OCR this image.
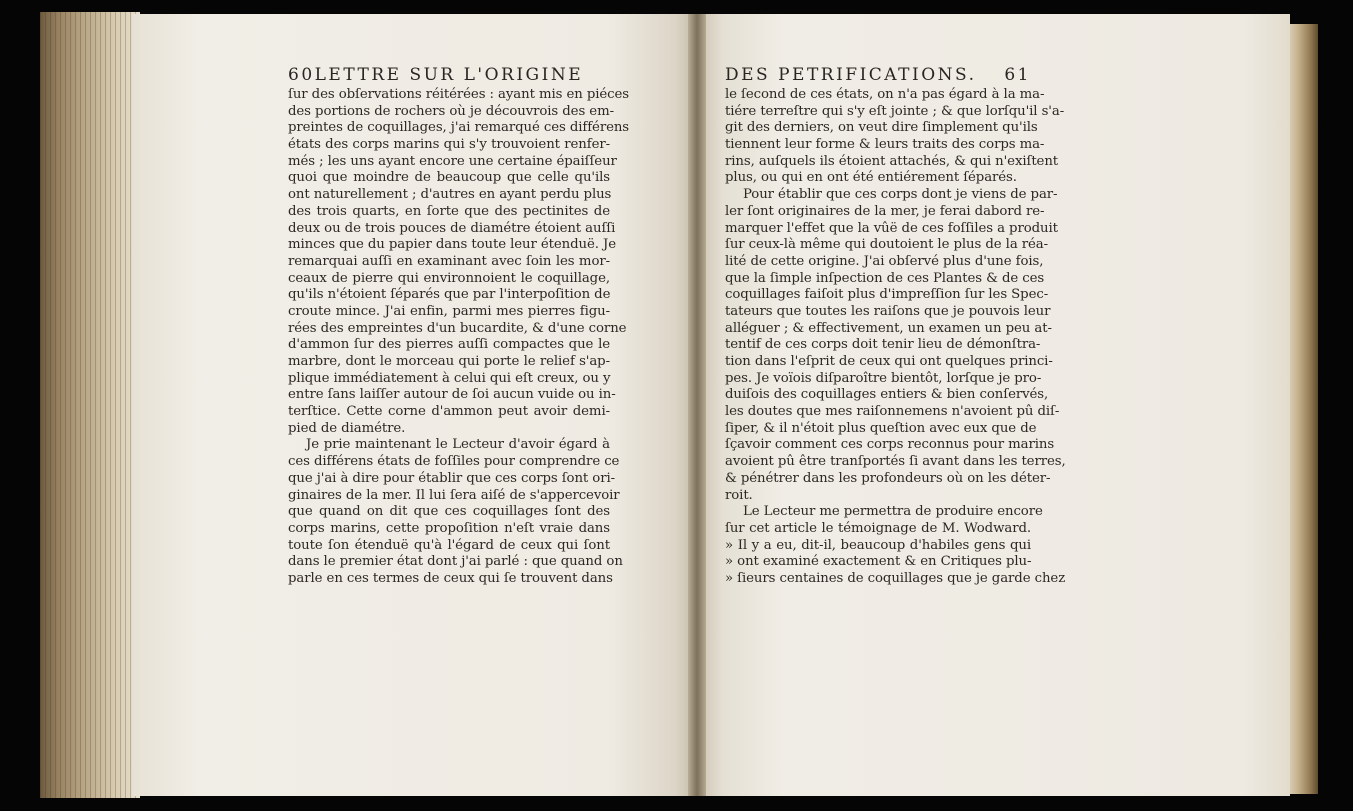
60 LETTRE SUR L'ORIGINE
ſur des obſervations réitérées : ayant mis en piéces
des portions de rochers où je découvrois des em-
preintes de coquillages, j'ai remarqué ces différens
états des corps marins qui s'y trouvoient renfer-
més ; les uns ayant encore une certaine épaiſſeur
quoi que moindre de beaucoup que celle qu'ils
ont naturellement ; d'autres en ayant perdu plus
des trois quarts, en ſorte que des pectinites de
deux ou de trois pouces de diamétre étoient auſſi
minces que du papier dans toute leur étenduë. Je
remarquai auſſi en examinant avec ſoin les mor-
ceaux de pierre qui environnoient le coquillage,
qu'ils n'étoient ſéparés que par l'interpoſition de
croute mince. J'ai enfin, parmi mes pierres figu-
rées des empreintes d'un bucardite, & d'une corne
d'ammon ſur des pierres auſſi compactes que le
marbre, dont le morceau qui porte le relief s'ap-
plique immédiatement à celui qui eſt creux, ou y
entre ſans laiſſer autour de ſoi aucun vuide ou in-
terſtice. Cette corne d'ammon peut avoir demi-
pied de diamétre.
Je prie maintenant le Lecteur d'avoir égard à
ces différens états de foſſiles pour comprendre ce
que j'ai à dire pour établir que ces corps ſont ori-
ginaires de la mer. Il lui ſera aiſé de s'appercevoir
que quand on dit que ces coquillages ſont des
corps marins, cette propoſition n'eſt vraie dans
toute ſon étenduë qu'à l'égard de ceux qui ſont
dans le premier état dont j'ai parlé : que quand on
parle en ces termes de ceux qui ſe trouvent dans
DES PETRIFICATIONS. 61
le ſecond de ces états, on n'a pas égard à la ma-
tiére terreſtre qui s'y eſt jointe ; & que lorſqu'il s'a-
git des derniers, on veut dire ſimplement qu'ils
tiennent leur forme & leurs traits des corps ma-
rins, auſquels ils étoient attachés, & qui n'exiſtent
plus, ou qui en ont été entiérement ſéparés.
Pour établir que ces corps dont je viens de par-
ler ſont originaires de la mer, je ferai dabord re-
marquer l'effet que la vûë de ces foſſiles a produit
ſur ceux-là même qui doutoient le plus de la réa-
lité de cette origine. J'ai obſervé plus d'une fois,
que la ſimple inſpection de ces Plantes & de ces
coquillages faiſoit plus d'impreſſion ſur les Spec-
tateurs que toutes les raiſons que je pouvois leur
alléguer ; & effectivement, un examen un peu at-
tentif de ces corps doit tenir lieu de démonſtra-
tion dans l'eſprit de ceux qui ont quelques princi-
pes. Je voïois diſparoître bientôt, lorſque je pro-
duiſois des coquillages entiers & bien conſervés,
les doutes que mes raiſonnemens n'avoient pû diſ-
ſiper, & il n'étoit plus queſtion avec eux que de
ſçavoir comment ces corps reconnus pour marins
avoient pû être tranſportés ſi avant dans les terres,
& pénétrer dans les profondeurs où on les déter-
roit.
Le Lecteur me permettra de produire encore
ſur cet article le témoignage de M. Wodward.
» Il y a eu, dit-il, beaucoup d'habiles gens qui
» ont examiné exactement & en Critiques plu-
» ſieurs centaines de coquillages que je garde chez
